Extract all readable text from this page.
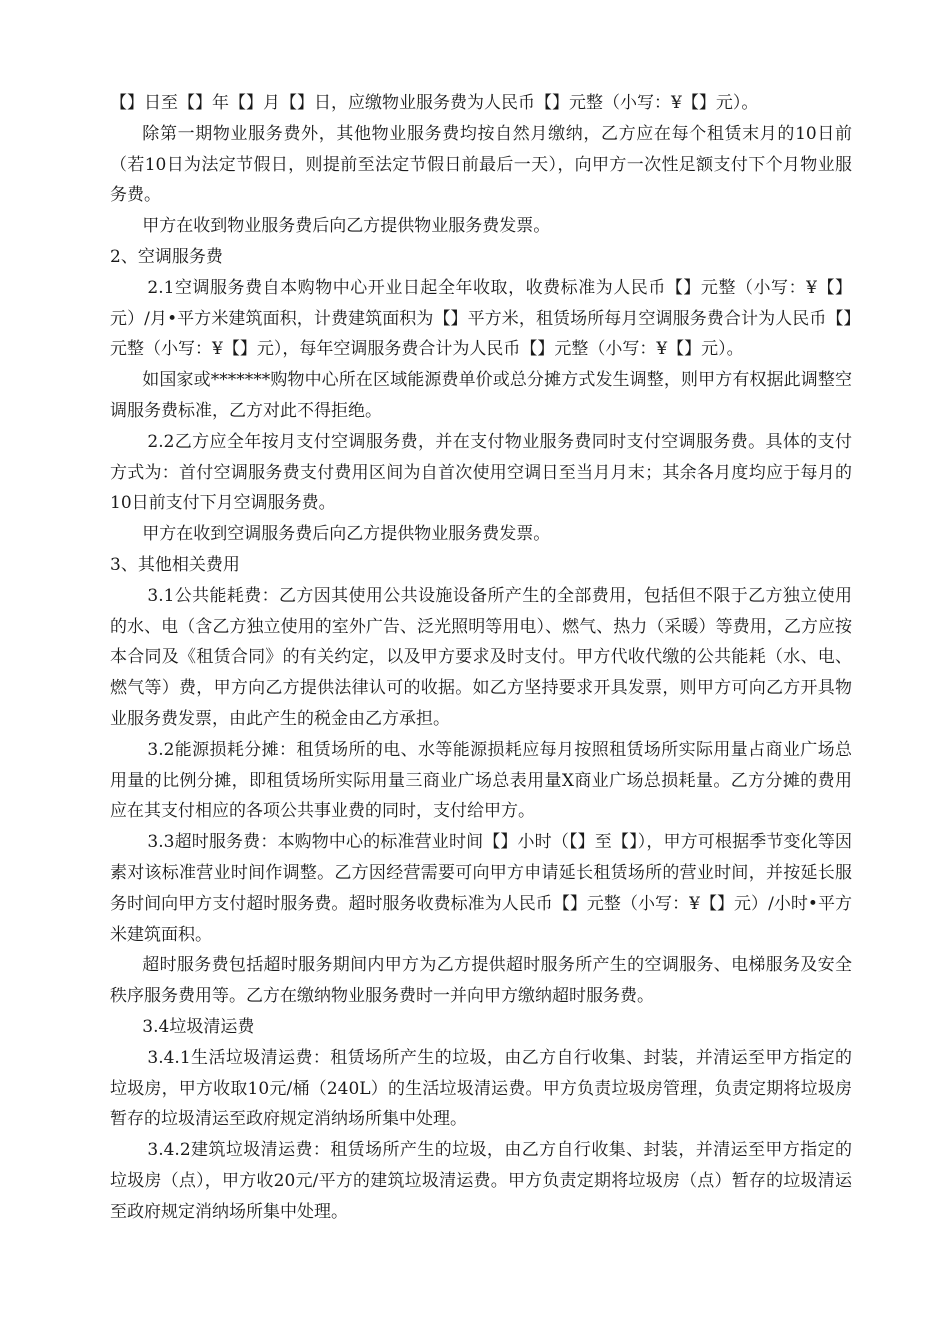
【】日至【】年【】月【】日，应缴物业服务费为人民币【】元整（小写：¥【】元）。

除第一期物业服务费外，其他物业服务费均按自然月缴纳，乙方应在每个租赁末月的10日前（若10日为法定节假日，则提前至法定节假日前最后一天），向甲方一次性足额支付下个月物业服务费。

甲方在收到物业服务费后向乙方提供物业服务费发票。

2、空调服务费

2.1空调服务费自本购物中心开业日起全年收取，收费标准为人民币【】元整（小写：¥【】元）/月•平方米建筑面积，计费建筑面积为【】平方米，租赁场所每月空调服务费合计为人民币【】元整（小写：¥【】元），每年空调服务费合计为人民币【】元整（小写：¥【】元）。

如国家或*******购物中心所在区域能源费单价或总分摊方式发生调整，则甲方有权据此调整空调服务费标准，乙方对此不得拒绝。

2.2乙方应全年按月支付空调服务费，并在支付物业服务费同时支付空调服务费。具体的支付方式为：首付空调服务费支付费用区间为自首次使用空调日至当月月末；其余各月度均应于每月的10日前支付下月空调服务费。

甲方在收到空调服务费后向乙方提供物业服务费发票。

3、其他相关费用

3.1公共能耗费：乙方因其使用公共设施设备所产生的全部费用，包括但不限于乙方独立使用的水、电（含乙方独立使用的室外广告、泛光照明等用电）、燃气、热力（采暖）等费用，乙方应按本合同及《租赁合同》的有关约定，以及甲方要求及时支付。甲方代收代缴的公共能耗（水、电、燃气等）费，甲方向乙方提供法律认可的收据。如乙方坚持要求开具发票，则甲方可向乙方开具物业服务费发票，由此产生的税金由乙方承担。

3.2能源损耗分摊：租赁场所的电、水等能源损耗应每月按照租赁场所实际用量占商业广场总用量的比例分摊，即租赁场所实际用量三商业广场总表用量X商业广场总损耗量。乙方分摊的费用应在其支付相应的各项公共事业费的同时，支付给甲方。

3.3超时服务费：本购物中心的标准营业时间【】小时（【】至【】），甲方可根据季节变化等因素对该标准营业时间作调整。乙方因经营需要可向甲方申请延长租赁场所的营业时间，并按延长服务时间向甲方支付超时服务费。超时服务收费标准为人民币【】元整（小写：¥【】元）/小时•平方米建筑面积。

超时服务费包括超时服务期间内甲方为乙方提供超时服务所产生的空调服务、电梯服务及安全秩序服务费用等。乙方在缴纳物业服务费时一并向甲方缴纳超时服务费。

3.4垃圾清运费

3.4.1生活垃圾清运费：租赁场所产生的垃圾，由乙方自行收集、封装，并清运至甲方指定的垃圾房，甲方收取10元/桶（240L）的生活垃圾清运费。甲方负责垃圾房管理，负责定期将垃圾房暂存的垃圾清运至政府规定消纳场所集中处理。

3.4.2建筑垃圾清运费：租赁场所产生的垃圾，由乙方自行收集、封装，并清运至甲方指定的垃圾房（点），甲方收20元/平方的建筑垃圾清运费。甲方负责定期将垃圾房（点）暂存的垃圾清运至政府规定消纳场所集中处理。
